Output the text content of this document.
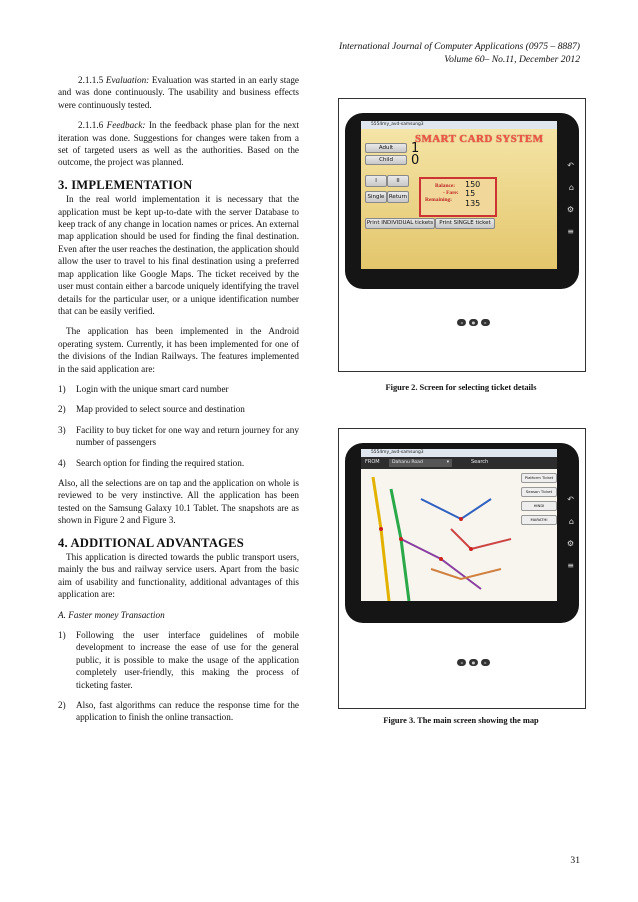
International Journal of Computer Applications (0975 – 8887)
Volume 60– No.11, December 2012

2.1.1.5 Evaluation: Evaluation was started in an early stage and was done continuously. The usability and business effects were continuously tested.

2.1.1.6 Feedback: In the feedback phase plan for the next iteration was done. Suggestions for changes were taken from a set of targeted users as well as the authorities. Based on the outcome, the project was planned.

3. IMPLEMENTATION

In the real world implementation it is necessary that the application must be kept up-to-date with the server Database to keep track of any change in location names or prices. An external map application should be used for finding the final destination. Even after the user reaches the destination, the application should allow the user to travel to his final destination using a preferred map application like Google Maps. The ticket received by the user must contain either a barcode uniquely identifying the travel details for the particular user, or a unique identification number that can be easily verified.

The application has been implemented in the Android operating system. Currently, it has been implemented for one of the divisions of the Indian Railways. The features implemented in the said application are:

1)	Login with the unique smart card number
2)	Map provided to select source and destination
3)	Facility to buy ticket for one way and return journey for any number of passengers
4)	Search option for finding the required station.

Also, all the selections are on tap and the application on whole is reviewed to be very instinctive. All the application has been tested on the Samsung Galaxy 10.1 Tablet. The snapshots are as shown in Figure 2 and Figure 3.

4. ADDITIONAL ADVANTAGES

This application is directed towards the public transport users, mainly the bus and railway service users. Apart from the basic aim of usability and functionality, additional advantages of this application are:

A. Faster money Transaction

1)	Following the user interface guidelines of mobile development to increase the ease of use for the general public, it is possible to make the usage of the application completely user-friendly, this making the process of ticketing faster.
2)	Also, fast algorithms can reduce the response time for the application to finish the online transaction.
5554my_avd-samsung3
SMART CARD SYSTEM
Adult	1
Child	0
I	II
Single Return
Balance:
- Fare:
Remaining:
150
15
135
Print INDIVIDUAL tickets	Print SINGLE ticket
↶
⌂
⚙
≡
◂	●	▸
Figure 2. Screen for selecting ticket details
5554my_avd-samsung3
FROM	Dahanu Road	▾	Search
Platform Ticket
Season Ticket
HINDI
MARATHI
↶
⌂
⚙
≡
◂	●	▸
Figure 3. The main screen showing the map
31
